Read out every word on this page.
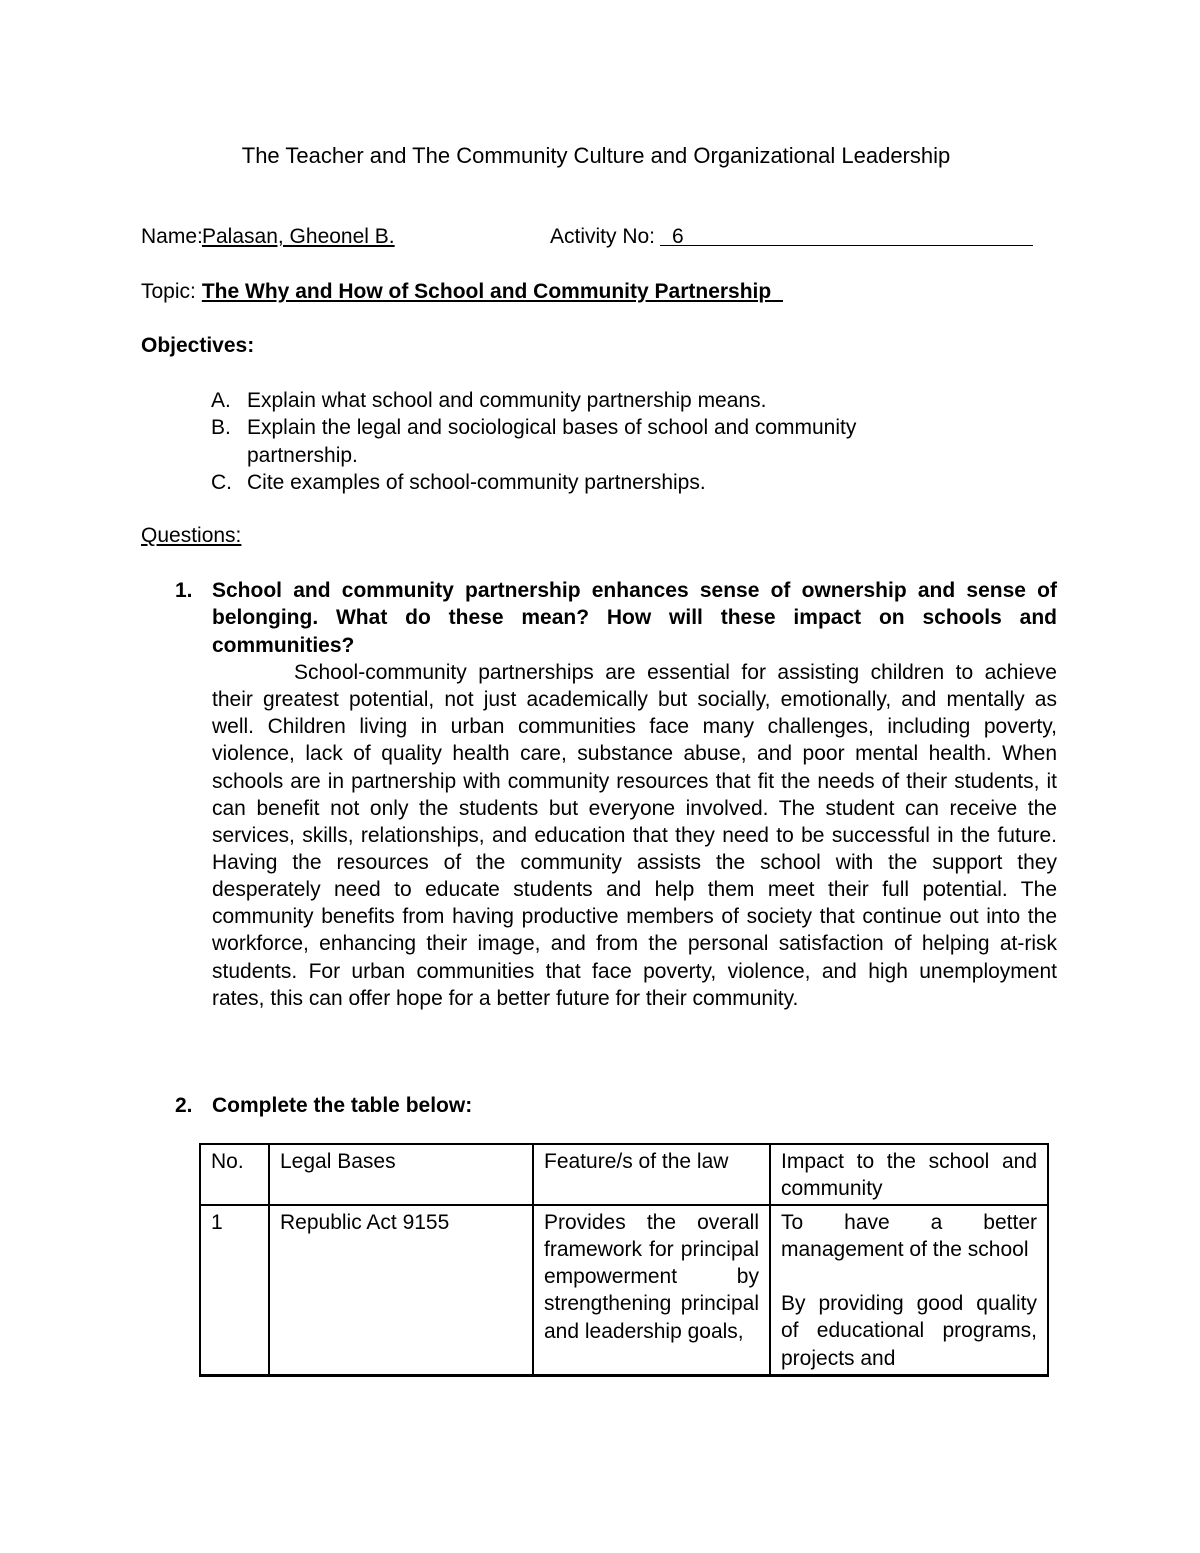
The Teacher and The Community Culture and Organizational Leadership
Name: Palasan, Gheonel B.	Activity No: 6
Topic: The Why and How of School and Community Partnership
Objectives:
A. Explain what school and community partnership means.
B. Explain the legal and sociological bases of school and community partnership.
C. Cite examples of school-community partnerships.
Questions:
1. School and community partnership enhances sense of ownership and sense of belonging. What do these mean? How will these impact on schools and communities?
School-community partnerships are essential for assisting children to achieve their greatest potential, not just academically but socially, emotionally, and mentally as well. Children living in urban communities face many challenges, including poverty, violence, lack of quality health care, substance abuse, and poor mental health. When schools are in partnership with community resources that fit the needs of their students, it can benefit not only the students but everyone involved. The student can receive the services, skills, relationships, and education that they need to be successful in the future. Having the resources of the community assists the school with the support they desperately need to educate students and help them meet their full potential. The community benefits from having productive members of society that continue out into the workforce, enhancing their image, and from the personal satisfaction of helping at-risk students. For urban communities that face poverty, violence, and high unemployment rates, this can offer hope for a better future for their community.
2. Complete the table below:
No.	Legal Bases	Feature/s of the law	Impact to the school and community
1	Republic Act 9155	Provides the overall framework for principal empowerment by strengthening principal and leadership goals,	To have a better management of the school
By providing good quality of educational programs, projects and
